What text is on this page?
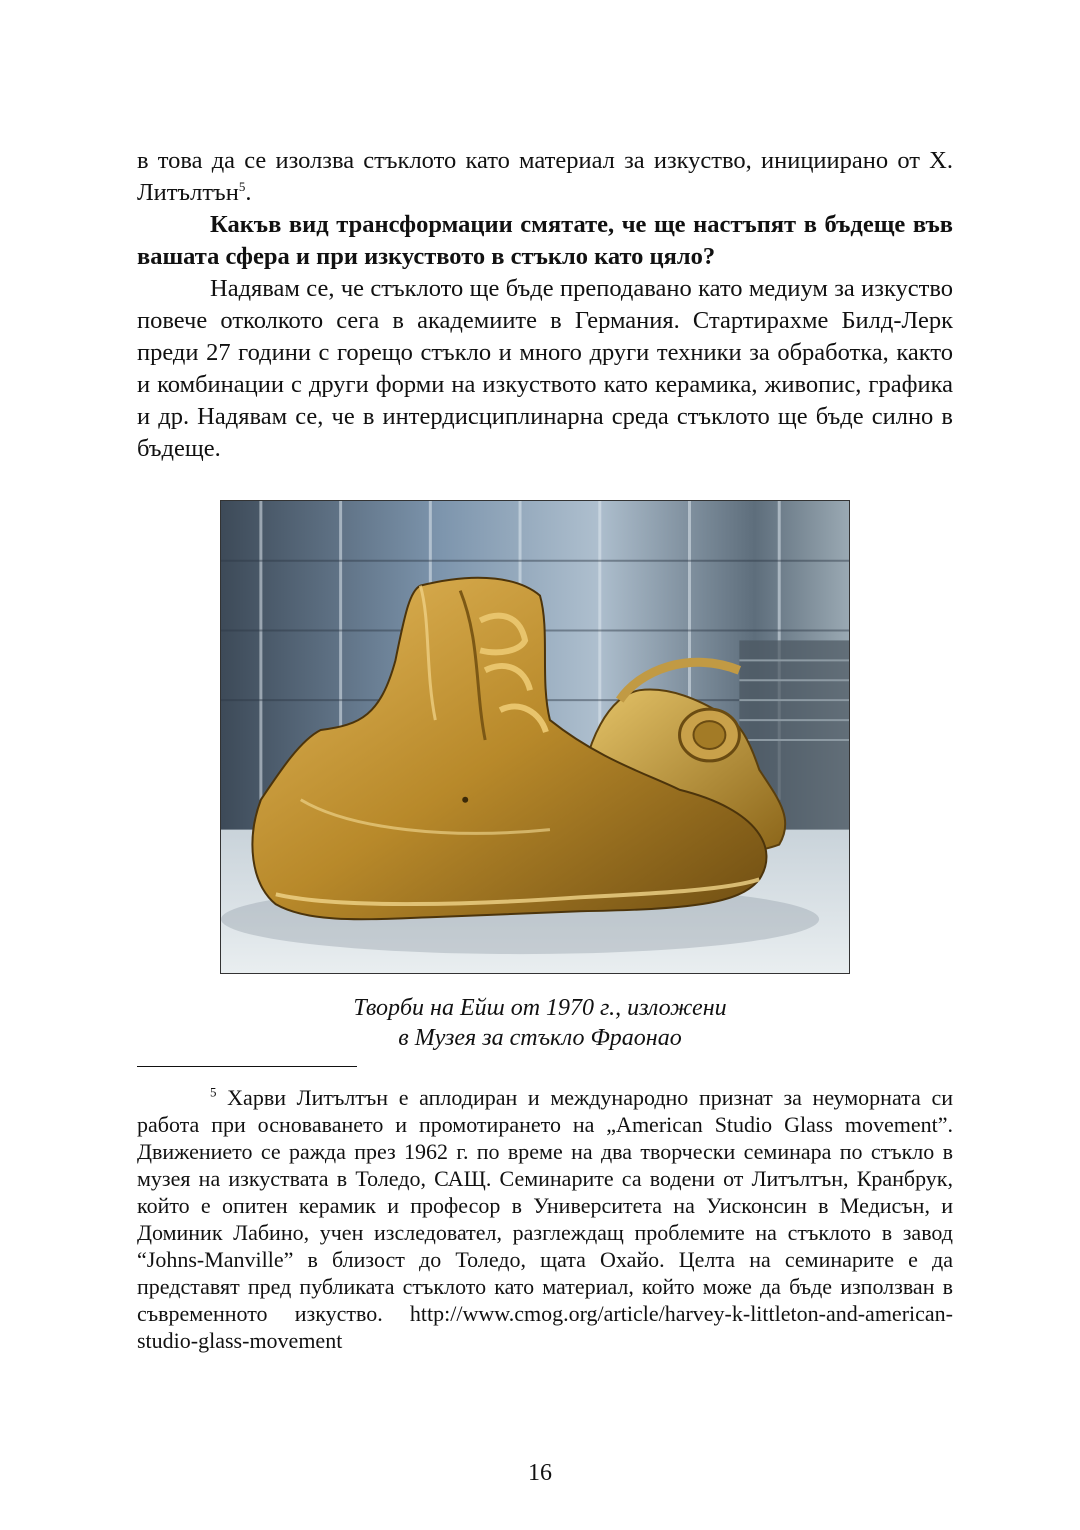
в това да се изолзва стъклото като материал за изкуство, инициирано от Х. Литълтън$^5$.

Какъв вид трансформации смятате, че ще настъпят в бъдеще във вашата сфера и при изкуството в стъкло като цяло?

Надявам се, че стъклото ще бъде преподавано като медиум за изкуство повече отколкото сега в академиите в Германия. Стартирахме Билд-Лерк преди 27 години с горещо стъкло и много други техники за обработка, както и комбинации с други форми на изкуството като керамика, живопис, графика и др. Надявам се, че в интердисциплинарна среда стъклото ще бъде силно в бъдеще.

Творби на Ейш от 1970 г., изложени
в Музея за стъкло Фраонао

$^5$ Харви Литълтън е аплодиран и международно признат за неуморната си работа при основаването и промотирането на „American Studio Glass movement”. Движението се ражда през 1962 г. по време на два творчески семинара по стъкло в музея на изкуствата в Толедо, САЩ. Семинарите са водени от Литълтън, Кранбрук, който е опитен керамик и професор в Университета на Уисконсин в Медисън, и Доминик Лабино, учен изследовател, разглеждащ проблемите на стъклото в завод “Johns-Manville” в близост до Толедо, щата Охайо. Целта на семинарите е да представят пред публиката стъклото като материал, който може да бъде използван в съвременното изкуство. http://www.cmog.org/article/harvey-k-littleton-and-american-studio-glass-movement

16
